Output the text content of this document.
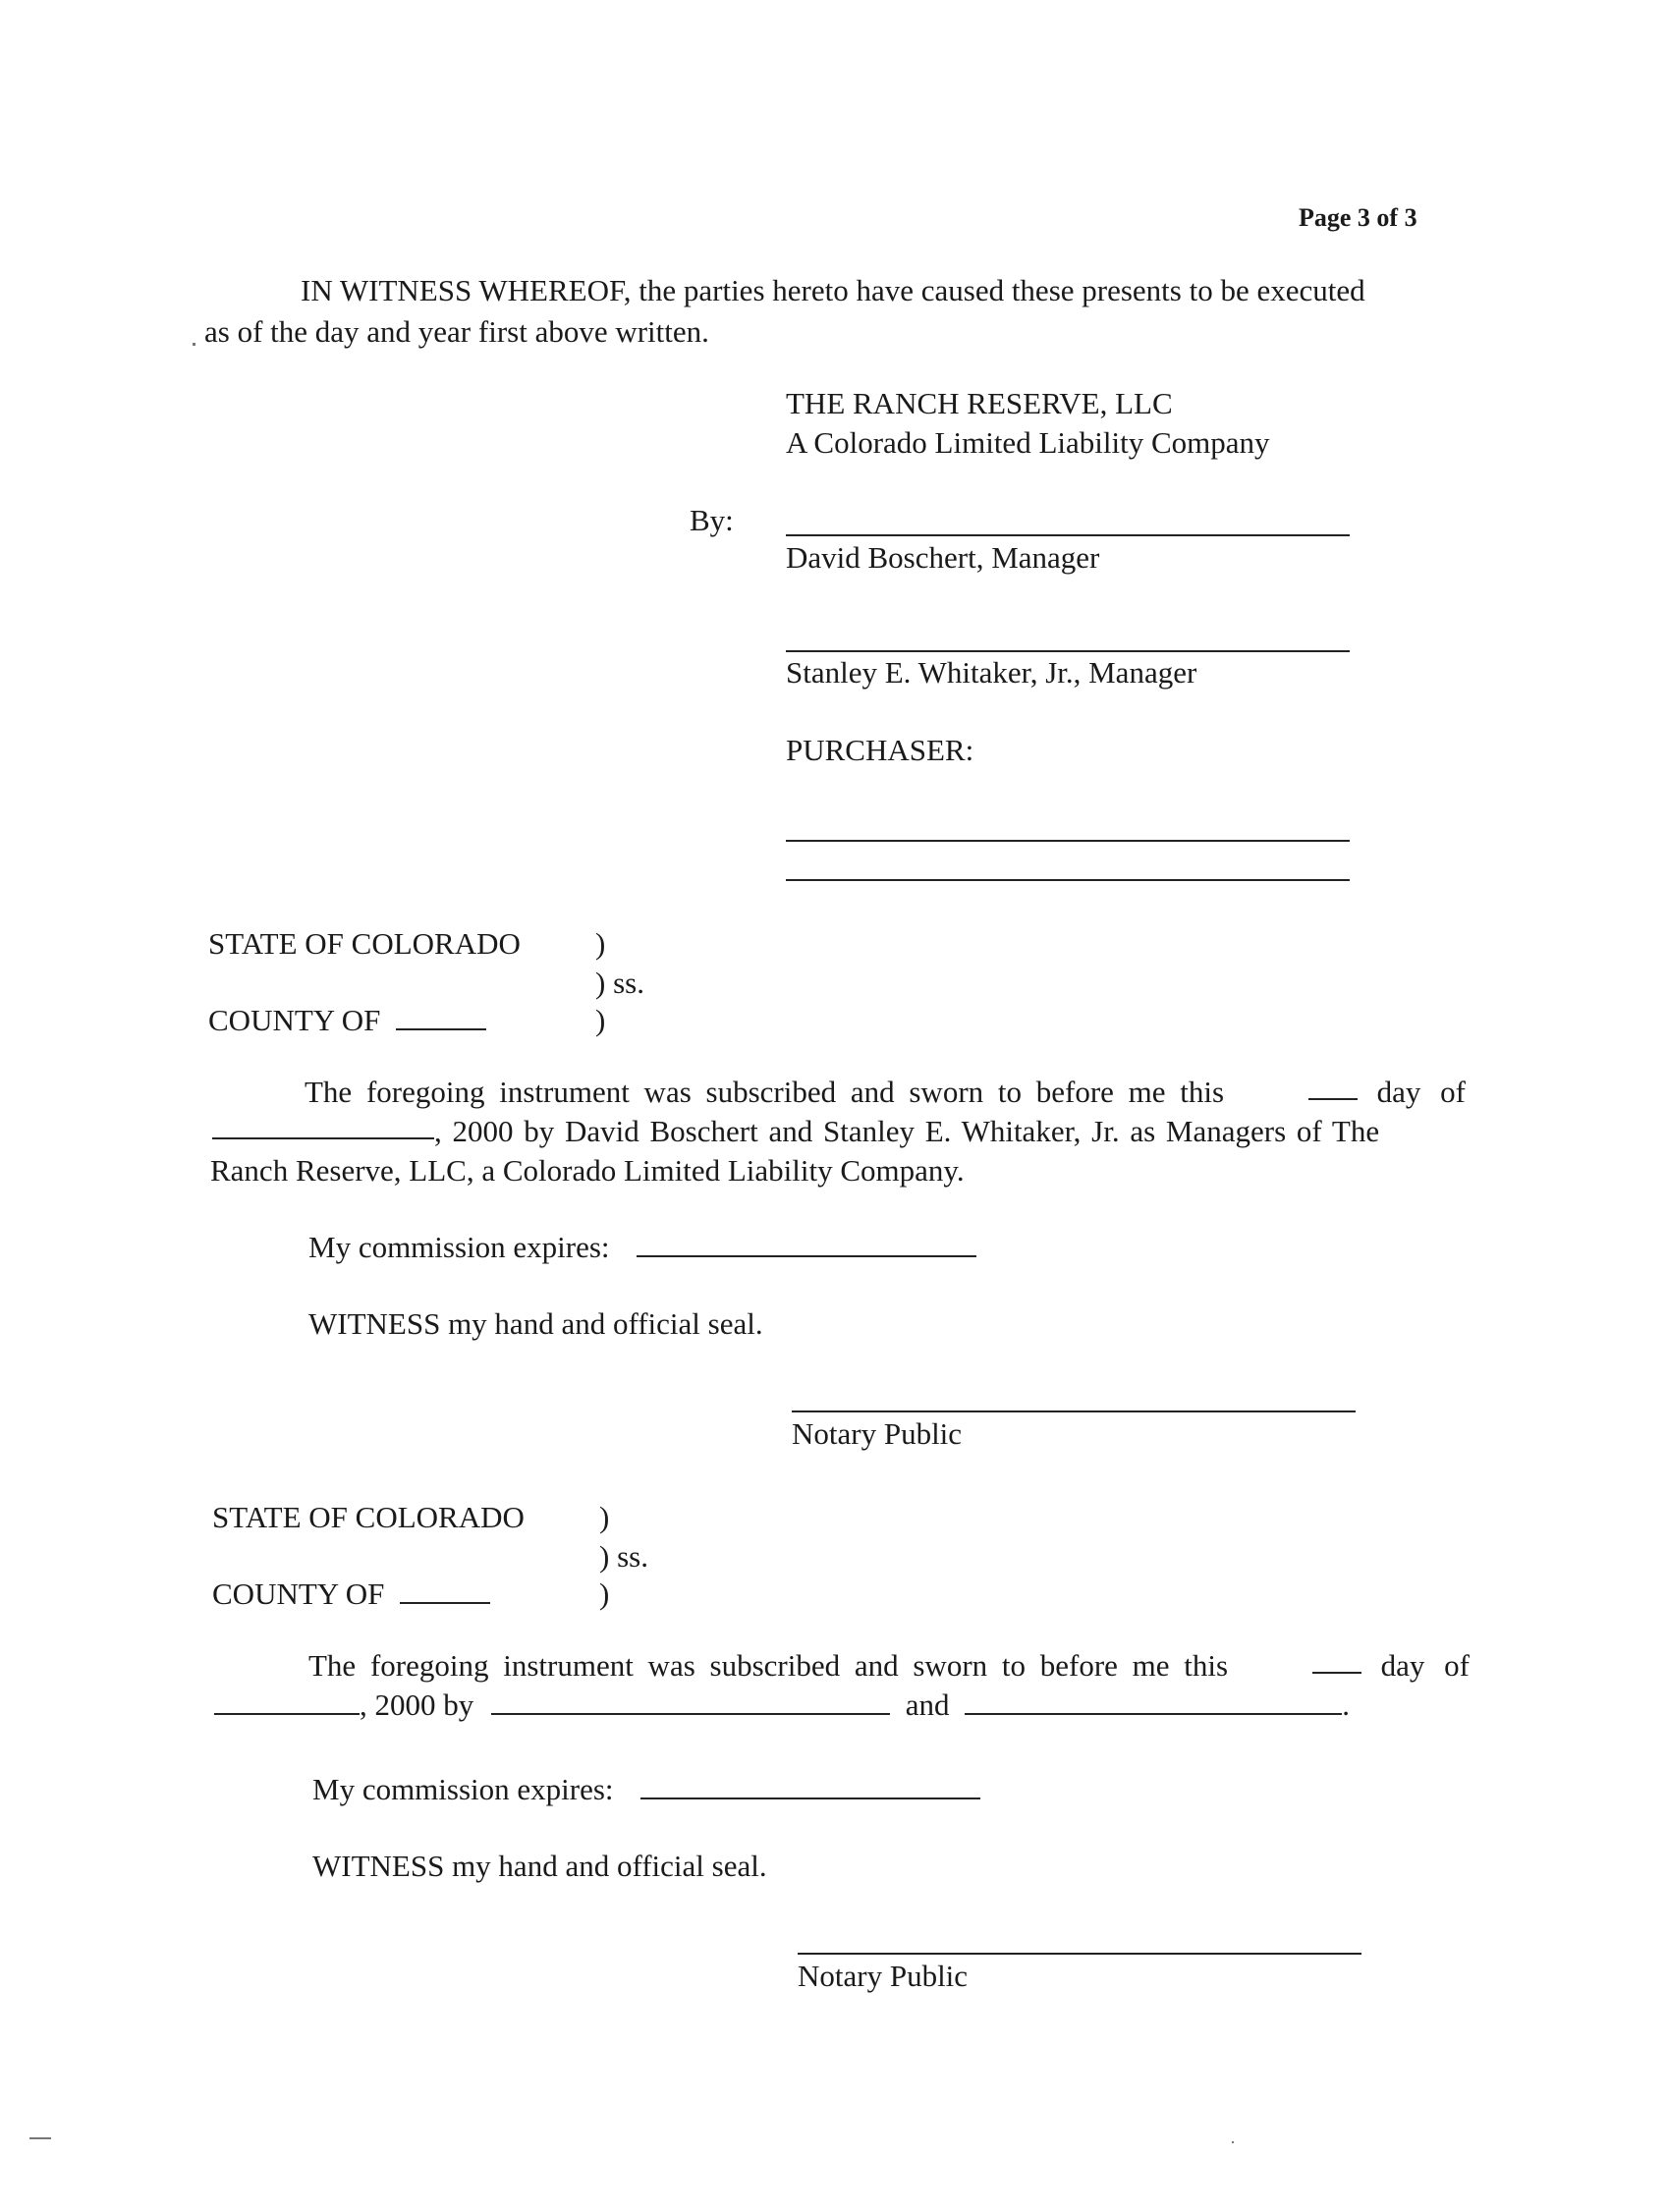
Page 3 of 3
IN WITNESS WHEREOF, the parties hereto have caused these presents to be executed
as of the day and year first above written.
THE RANCH RESERVE, LLC
A Colorado Limited Liability Company
By:
David Boschert, Manager
Stanley E. Whitaker, Jr., Manager
PURCHASER:
STATE OF COLORADO )
) ss.
COUNTY OF	)
The foregoing instrument was subscribed and sworn to before me this	day of
, 2000 by David Boschert and Stanley E. Whitaker, Jr. as Managers of The
Ranch Reserve, LLC, a Colorado Limited Liability Company.
My commission expires:
WITNESS my hand and official seal.
Notary Public
STATE OF COLORADO )
) ss.
COUNTY OF	)
The foregoing instrument was subscribed and sworn to before me this	day of
, 2000 by	and	.
My commission expires:
WITNESS my hand and official seal.
Notary Public
